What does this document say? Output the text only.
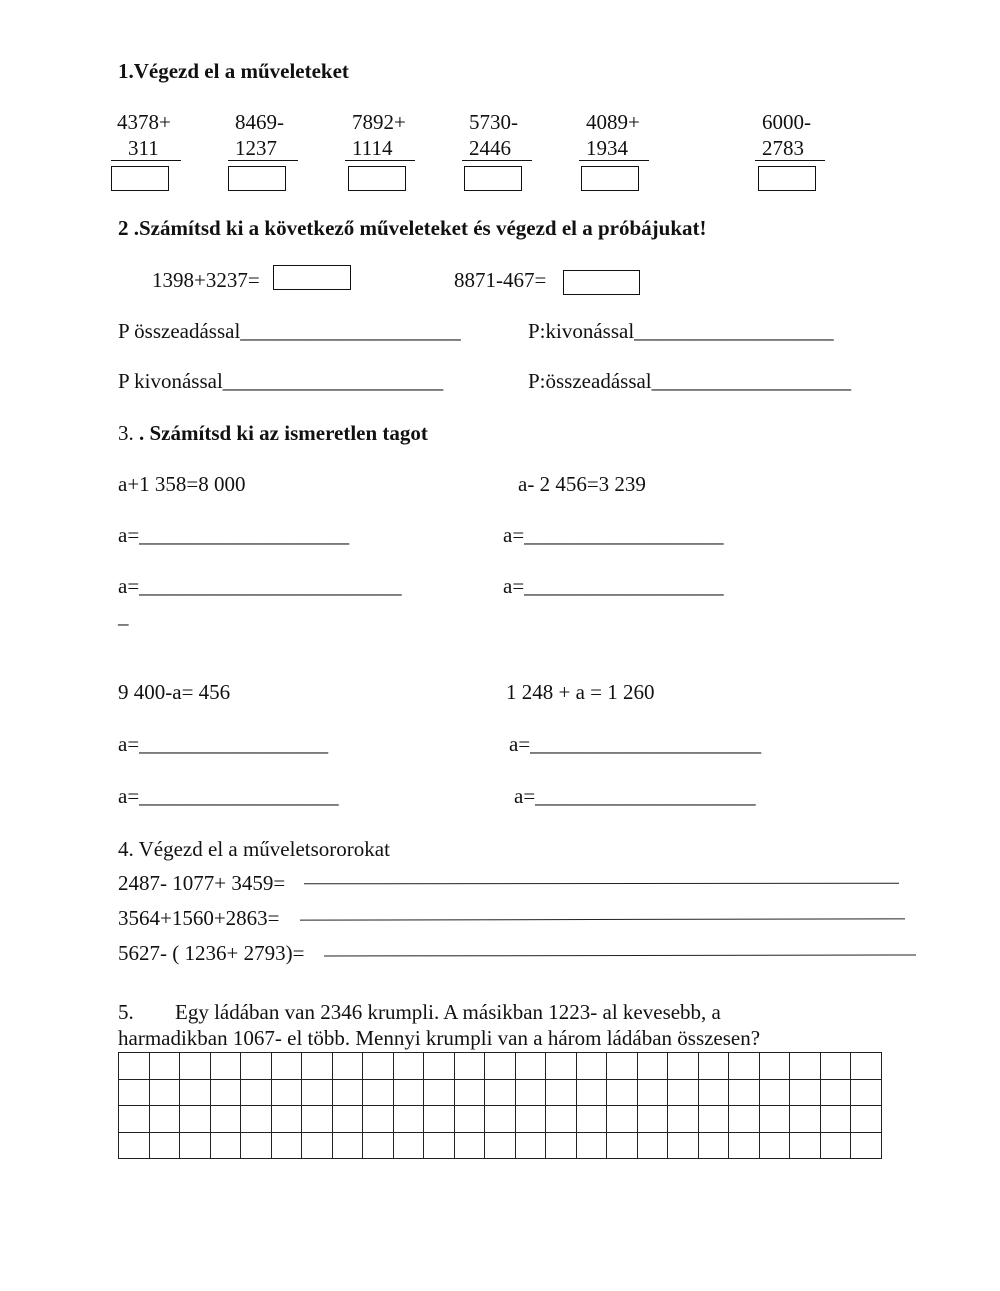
1.Végezd el a műveleteket
4378+
311
8469-
1237
7892+
1114
5730-
2446
4089+
1934
6000-
2783
2 .Számítsd ki a következő műveleteket és végezd el a próbájukat!
1398+3237=	8871-467=
P összeadással_____________________	P:kivonással___________________
P kivonással_____________________	P:összeadással___________________
3. . Számítsd ki az ismeretlen tagot
a+1 358=8 000	a- 2 456=3 239
a=____________________	a=___________________
a=_________________________	a=___________________
_
9 400-a= 456	1 248 + a = 1 260
a=__________________	a=______________________
a=___________________	a=_____________________
4. Végezd el a műveletsororokat
2487- 1077+ 3459=
3564+1560+2863=
5627- ( 1236+ 2793)=
5. Egy ládában van 2346 krumpli. A másikban 1223- al kevesebb, a
harmadikban 1067- el több. Mennyi krumpli van a három ládában összesen?
